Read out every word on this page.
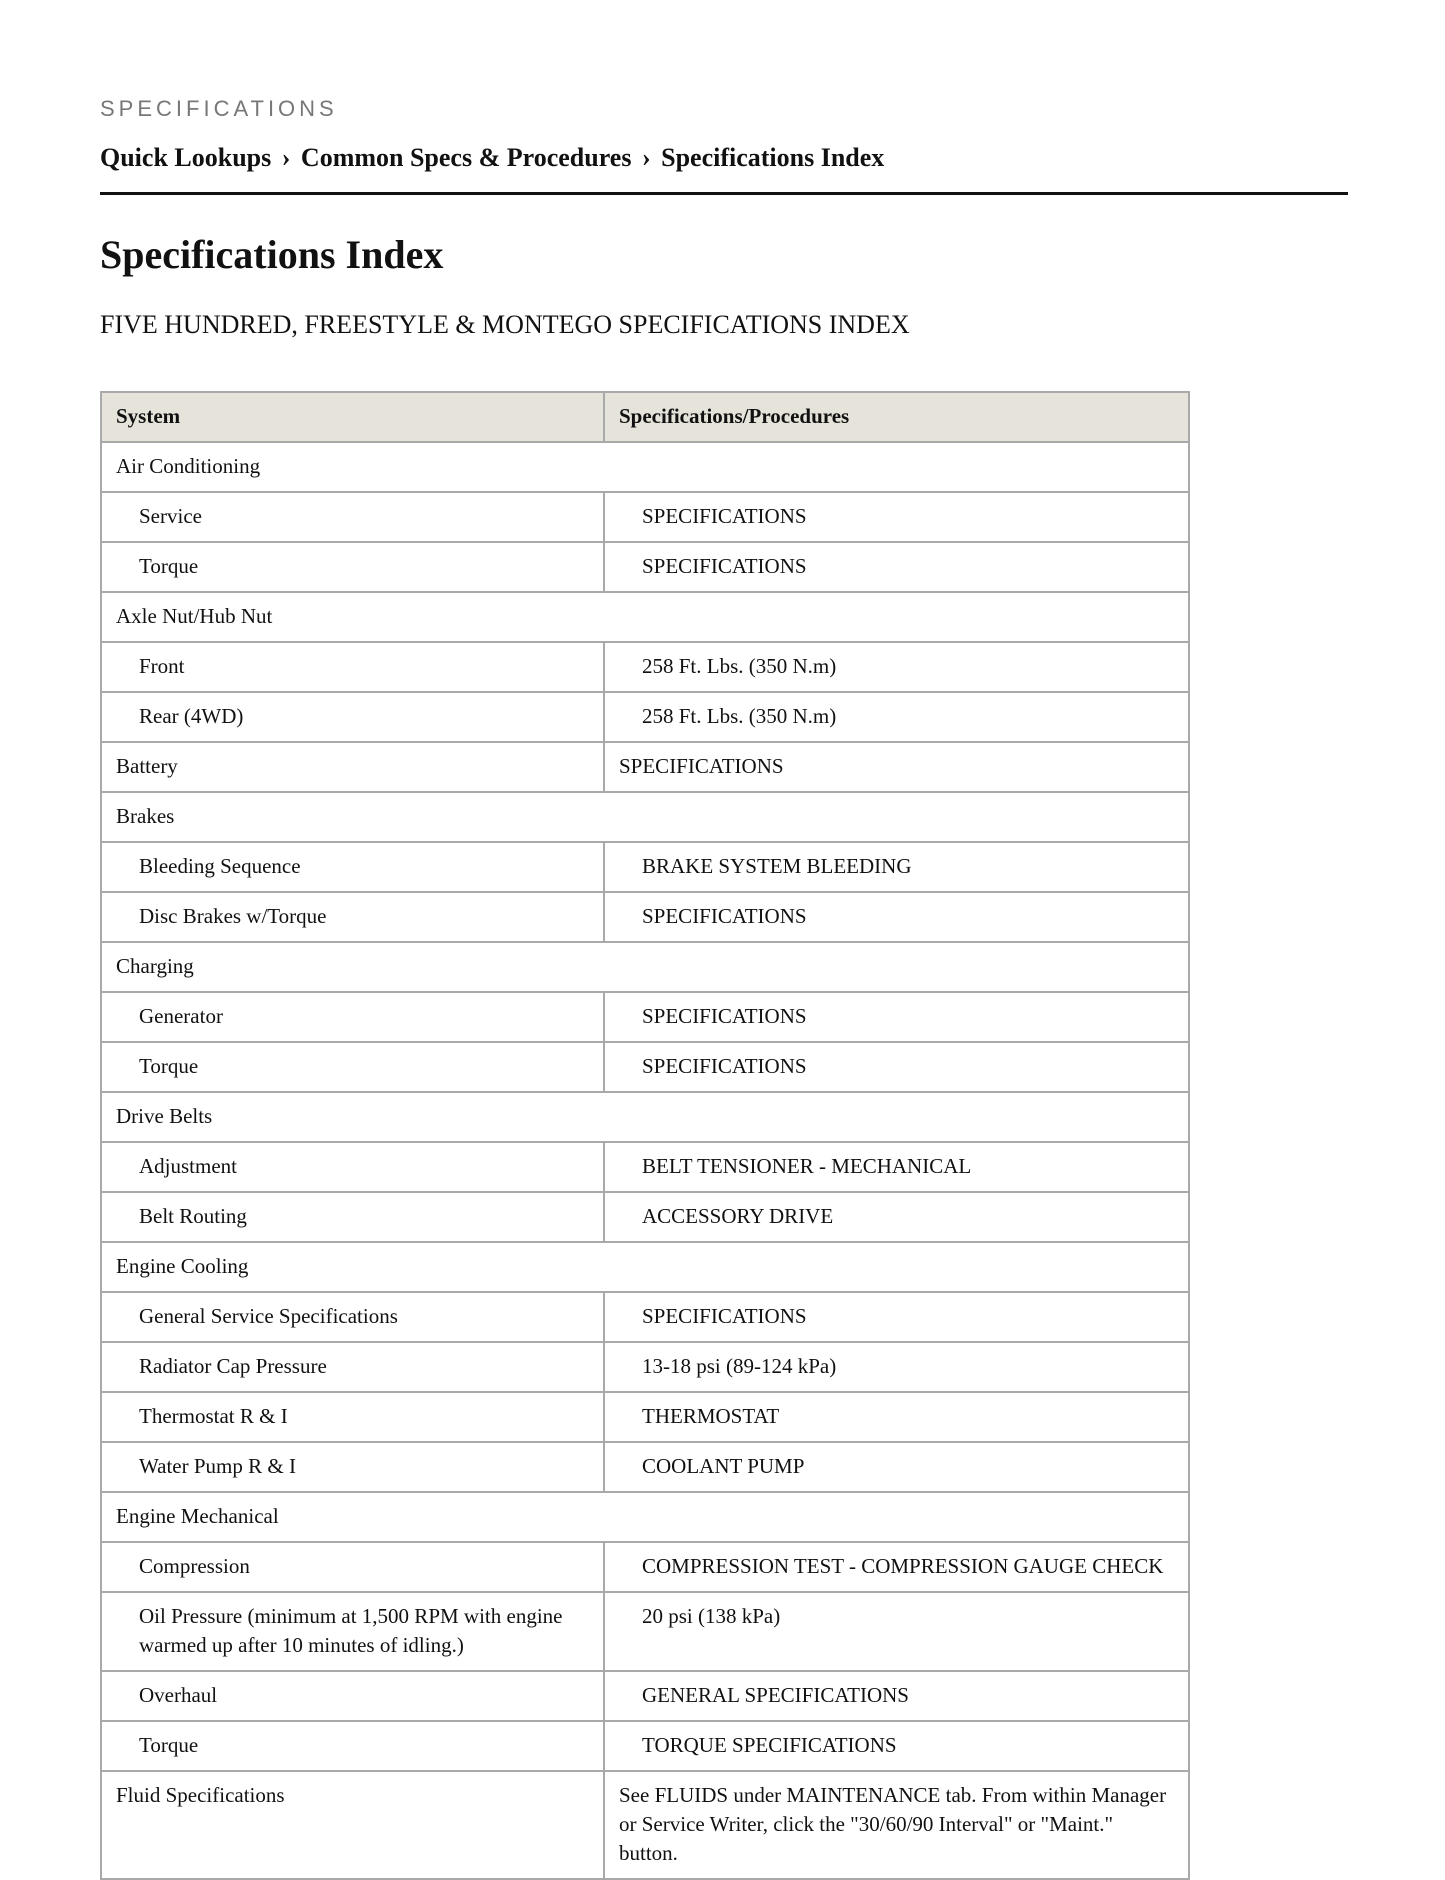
SPECIFICATIONS
Quick Lookups › Common Specs & Procedures › Specifications Index
Specifications Index
FIVE HUNDRED, FREESTYLE & MONTEGO SPECIFICATIONS INDEX
System	Specifications/Procedures
Air Conditioning	
Service	SPECIFICATIONS
Torque	SPECIFICATIONS
Axle Nut/Hub Nut	
Front	258 Ft. Lbs. (350 N.m)
Rear (4WD)	258 Ft. Lbs. (350 N.m)
Battery	SPECIFICATIONS
Brakes	
Bleeding Sequence	BRAKE SYSTEM BLEEDING
Disc Brakes w/Torque	SPECIFICATIONS
Charging	
Generator	SPECIFICATIONS
Torque	SPECIFICATIONS
Drive Belts	
Adjustment	BELT TENSIONER - MECHANICAL
Belt Routing	ACCESSORY DRIVE
Engine Cooling	
General Service Specifications	SPECIFICATIONS
Radiator Cap Pressure	13-18 psi (89-124 kPa)
Thermostat R & I	THERMOSTAT
Water Pump R & I	COOLANT PUMP
Engine Mechanical	
Compression	COMPRESSION TEST - COMPRESSION GAUGE CHECK
Oil Pressure (minimum at 1,500 RPM with engine warmed up after 10 minutes of idling.)	20 psi (138 kPa)
Overhaul	GENERAL SPECIFICATIONS
Torque	TORQUE SPECIFICATIONS
Fluid Specifications	See FLUIDS under MAINTENANCE tab. From within Manager or Service Writer, click the "30/60/90 Interval" or "Maint." button.
